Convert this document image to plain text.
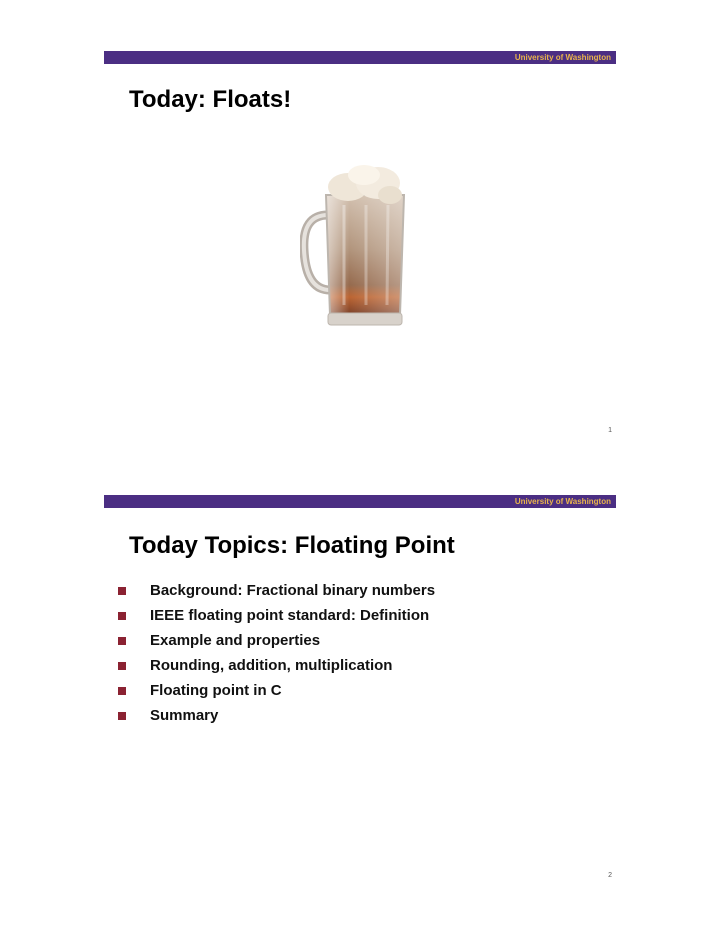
University of Washington
Today: Floats!
1
University of Washington
Today Topics: Floating Point
2
Background: Fractional binary numbers
IEEE floating point standard: Definition
Example and properties
Rounding, addition, multiplication
Floating point in C
Summary
